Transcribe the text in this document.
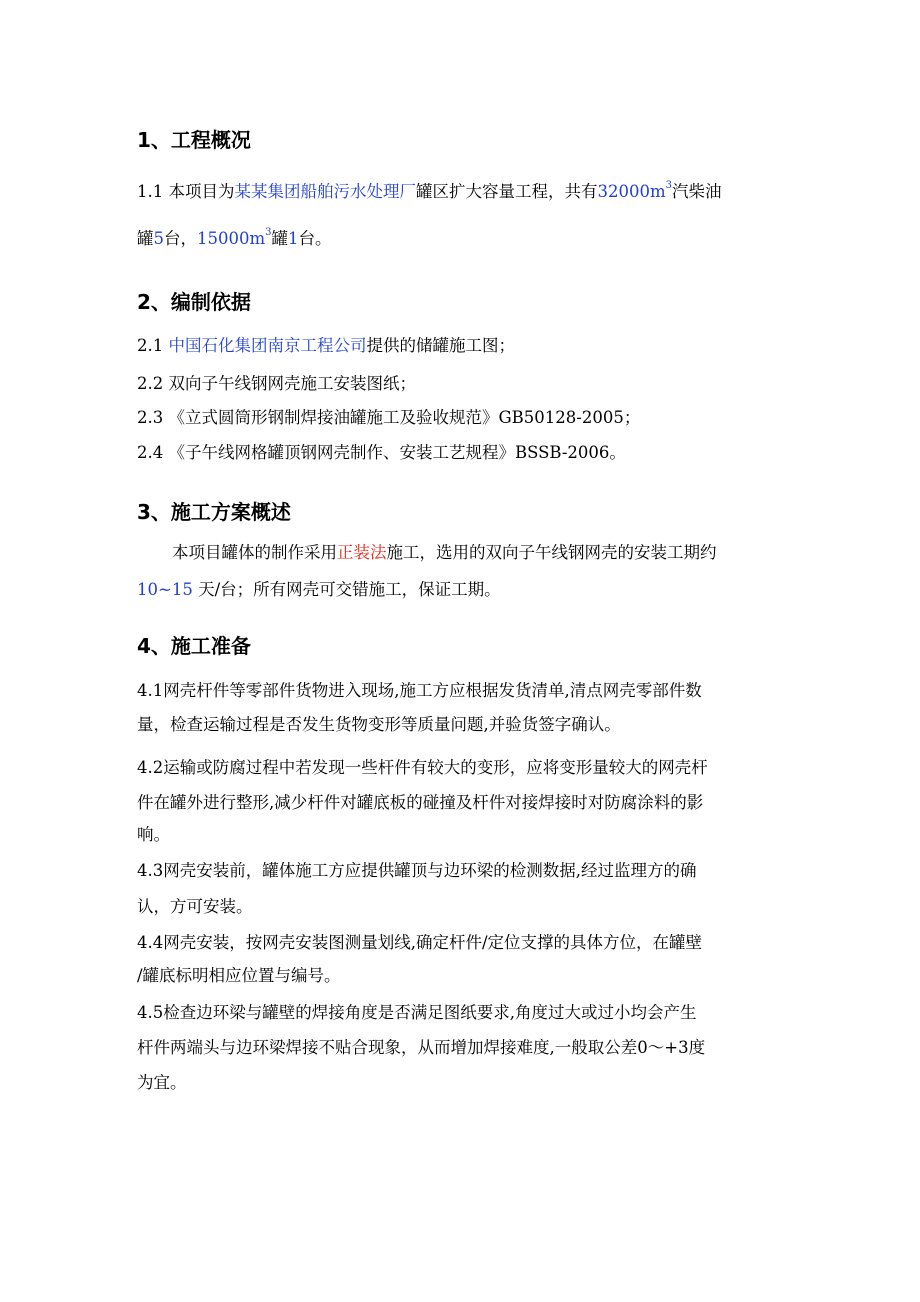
1、工程概况
1.1 本项目为某某集团船舶污水处理厂罐区扩大容量工程，共有$32000m^3$汽柴油
罐5台，$15000m^3$罐1台。
2、编制依据
2.1 中国石化集团南京工程公司提供的储罐施工图；
2.2 双向子午线钢网壳施工安装图纸；
2.3 《立式圆筒形钢制焊接油罐施工及验收规范》GB50128-2005；
2.4 《子午线网格罐顶钢网壳制作、安装工艺规程》BSSB-2006。
3、施工方案概述
本项目罐体的制作采用正装法施工，选用的双向子午线钢网壳的安装工期约
10~15 天/台；所有网壳可交错施工，保证工期。
4、施工准备
4.1网壳杆件等零部件货物进入现场,施工方应根据发货清单,清点网壳零部件数
量，检查运输过程是否发生货物变形等质量问题,并验货签字确认。
4.2运输或防腐过程中若发现一些杆件有较大的变形，应将变形量较大的网壳杆
件在罐外进行整形,减少杆件对罐底板的碰撞及杆件对接焊接时对防腐涂料的影
响。
4.3网壳安装前，罐体施工方应提供罐顶与边环梁的检测数据,经过监理方的确
认，方可安装。
4.4网壳安装，按网壳安装图测量划线,确定杆件/定位支撑的具体方位，在罐壁
/罐底标明相应位置与编号。
4.5检查边环梁与罐壁的焊接角度是否满足图纸要求,角度过大或过小均会产生
杆件两端头与边环梁焊接不贴合现象，从而增加焊接难度,一般取公差0～+3度
为宜。
